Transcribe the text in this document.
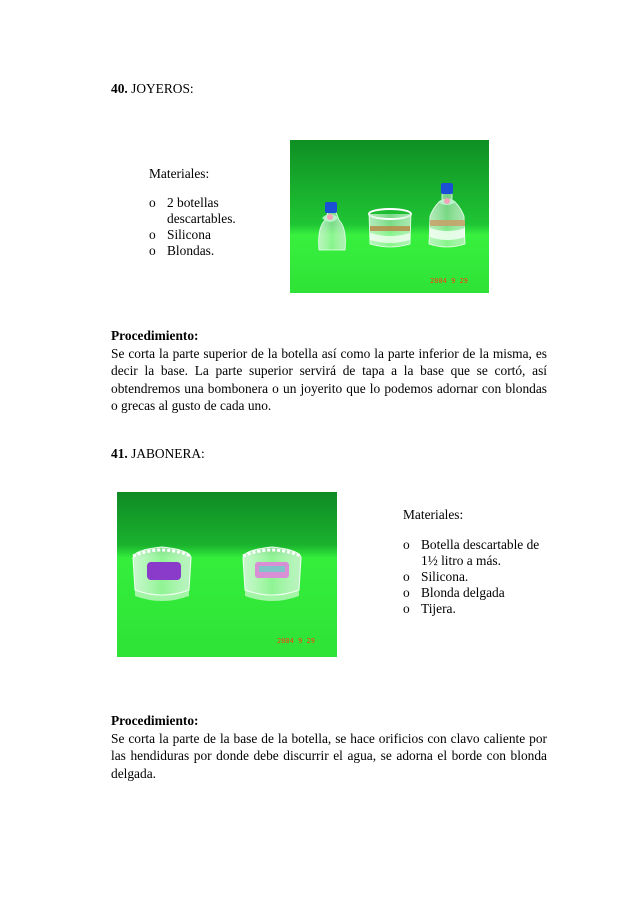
40. JOYEROS:
Materiales:
o 2 botellas
descartables.
o Silicona
o Blondas.
2004 9 29
Procedimiento:
Se corta la parte superior de la botella así como la parte inferior de la misma, es decir la base. La parte superior servirá de tapa a la base que se cortó, así obtendremos una bombonera o un joyerito que lo podemos adornar con blondas o grecas al gusto de cada uno.
41. JABONERA:
2004 9 29
Materiales:
o Botella descartable de
1½ litro a más.
o Silicona.
o Blonda delgada
o Tijera.
Procedimiento:
Se corta la parte de la base de la botella, se hace orificios con clavo caliente por las hendiduras por donde debe discurrir el agua, se adorna el borde con blonda delgada.
